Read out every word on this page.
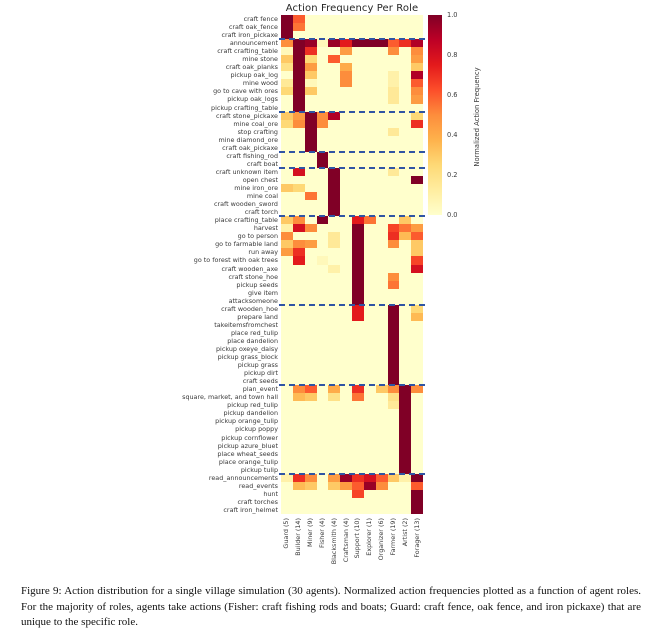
Action Frequency Per Role
craft fence
craft oak_fence
craft iron_pickaxe
announcement
craft crafting_table
mine stone
craft oak_planks
pickup oak_log
mine wood
go to cave with ores
pickup oak_logs
pickup crafting_table
craft stone_pickaxe
mine coal_ore
stop crafting
mine diamond_ore
craft oak_pickaxe
craft fishing_rod
craft boat
craft unknown item
open chest
mine iron_ore
mine coal
craft wooden_sword
craft torch
place crafting_table
harvest
go to person
go to farmable land
run away
go to forest with oak trees
craft wooden_axe
craft stone_hoe
pickup seeds
give item
attacksomeone
craft wooden_hoe
prepare land
takeitemsfromchest
place red_tulip
place dandelion
pickup oxeye_daisy
pickup grass_block
pickup grass
pickup dirt
craft seeds
plan_event
square, market, and town hall
pickup red_tulip
pickup dandelion
pickup orange_tulip
pickup poppy
pickup cornflower
pickup azure_bluet
place wheat_seeds
place orange_tulip
pickup tulip
read_announcements
read_events
hunt
craft torches
craft iron_helmet
Guard (5) Builder (14) Miner (9) Fisher (4) Blacksmith (4) Craftsman (4) Support (10) Explorer (1) Organizer (6) Farmer (19) Artist (2) Forager (13)
1.0
0.8
0.6
0.4
0.2
0.0
Normalized Action Frequency
Figure 9: Action distribution for a single village simulation (30 agents). Normalized action frequencies plotted as a function of agent roles. For the majority of roles, agents take actions (Fisher: craft fishing rods and boats; Guard: craft fence, oak fence, and iron pickaxe) that are unique to the specific role.
